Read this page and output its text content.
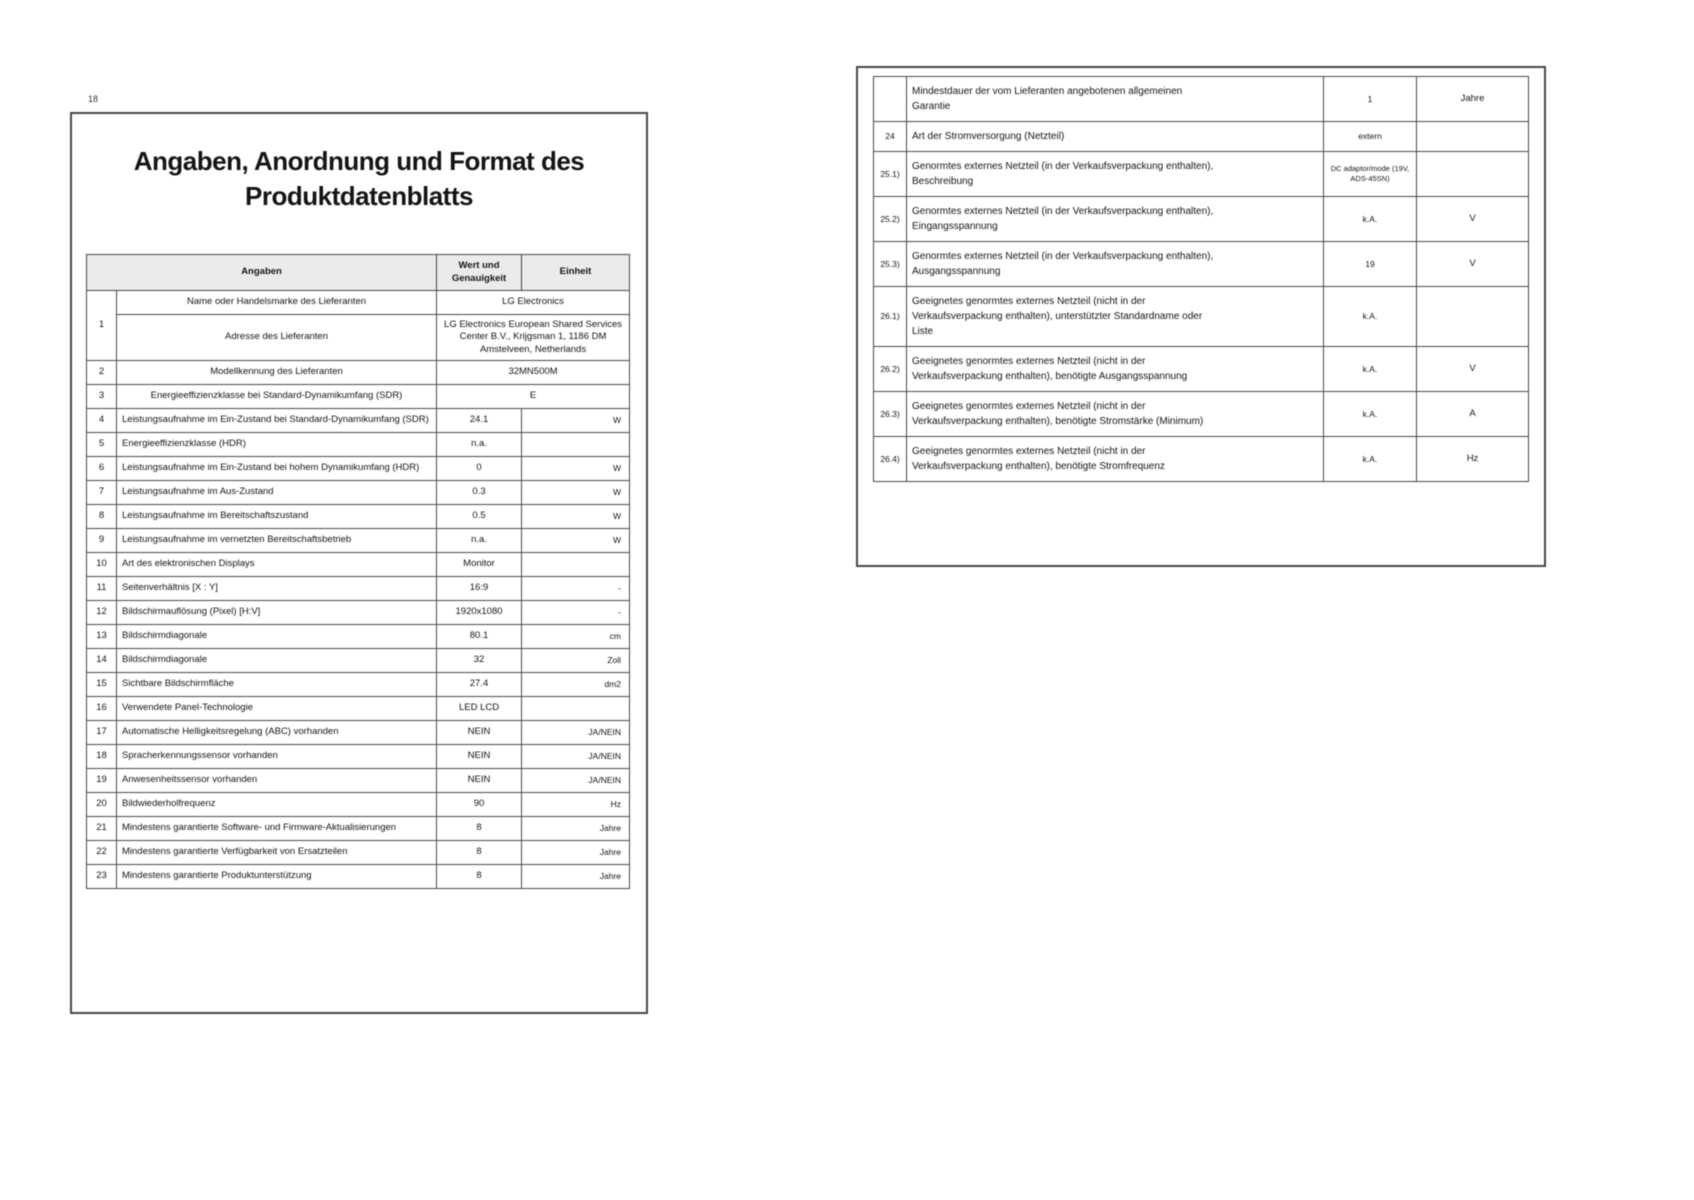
18
Angaben, Anordnung und Format des Produktdatenblatts
Angaben		Wert und Genauigkeit	Einheit
1	Name oder Handelsmarke des Lieferanten	LG Electronics	
	Adresse des Lieferanten	LG Electronics European Shared Services Center B.V., Krijgsman 1, 1186 DM Amstelveen, Netherlands	
2	Modellkennung des Lieferanten	32MN500M	
3	Energieeffizienzklasse bei Standard-Dynamikumfang (SDR)	E	
4	Leistungsaufnahme im Ein-Zustand bei Standard-Dynamikumfang (SDR)	24.1	W
5	Energieeffizienzklasse (HDR)	n.a.	
6	Leistungsaufnahme im Ein-Zustand bei hohem Dynamikumfang (HDR)	0	W
7	Leistungsaufnahme im Aus-Zustand	0.3	W
8	Leistungsaufnahme im Bereitschaftszustand	0.5	W
9	Leistungsaufnahme im vernetzten Bereitschaftsbetrieb	n.a.	W
10	Art des elektronischen Displays	Monitor	
11	Seitenverhältnis [X : Y]	16:9	-
12	Bildschirmauflösung (Pixel) [H:V]	1920x1080	-
13	Bildschirmdiagonale	80.1	cm
14	Bildschirmdiagonale	32	Zoll
15	Sichtbare Bildschirmfläche	27.4	dm2
16	Verwendete Panel-Technologie	LED LCD	
17	Automatische Helligkeitsregelung (ABC) vorhanden	NEIN	JA/NEIN
18	Spracherkennungssensor vorhanden	NEIN	JA/NEIN
19	Anwesenheitssensor vorhanden	NEIN	JA/NEIN
20	Bildwiederholfrequenz	90	Hz
21	Mindestens garantierte Software- und Firmware-Aktualisierungen	8	Jahre
22	Mindestens garantierte Verfügbarkeit von Ersatzteilen	8	Jahre
23	Mindestens garantierte Produktunterstützung	8	Jahre
	Mindestdauer der vom Lieferanten angebotenen allgemeinen Garantie	1	Jahre
24	Art der Stromversorgung (Netzteil)	extern	
25.1)	Genormtes externes Netzteil (in der Verkaufsverpackung enthalten), Beschreibung	DC adaptor/mode (19V, ADS-45SN)	
25.2)	Genormtes externes Netzteil (in der Verkaufsverpackung enthalten), Eingangsspannung	k.A.	V
25.3)	Genormtes externes Netzteil (in der Verkaufsverpackung enthalten), Ausgangsspannung	19	V
26.1)	Geeignetes genormtes externes Netzteil (nicht in der Verkaufsverpackung enthalten), unterstützter Standardname oder Liste	k.A.	
26.2)	Geeignetes genormtes externes Netzteil (nicht in der Verkaufsverpackung enthalten), benötigte Ausgangsspannung	k.A.	V
26.3)	Geeignetes genormtes externes Netzteil (nicht in der Verkaufsverpackung enthalten), benötigte Stromstärke (Minimum)	k.A.	A
26.4)	Geeignetes genormtes externes Netzteil (nicht in der Verkaufsverpackung enthalten), benötigte Stromfrequenz	k.A.	Hz
